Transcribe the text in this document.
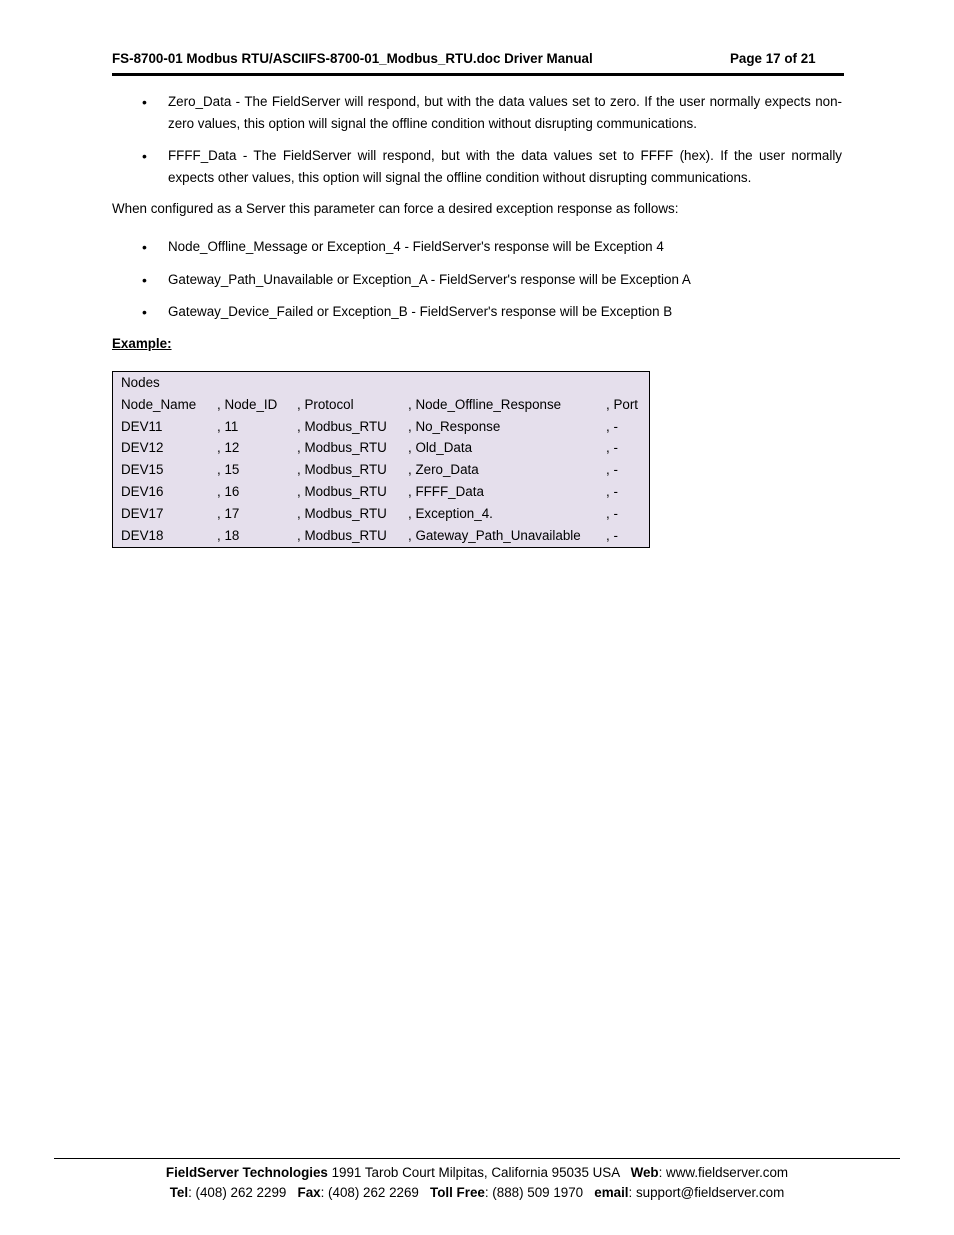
FS-8700-01 Modbus RTU/ASCIIFS-8700-01_Modbus_RTU.doc Driver Manual	Page 17 of 21
• Zero_Data - The FieldServer will respond, but with the data values set to zero. If the user normally expects non-zero values, this option will signal the offline condition without disrupting communications.
• FFFF_Data - The FieldServer will respond, but with the data values set to FFFF (hex). If the user normally expects other values, this option will signal the offline condition without disrupting communications.
When configured as a Server this parameter can force a desired exception response as follows:
• Node_Offline_Message or Exception_4 - FieldServer's response will be Exception 4
• Gateway_Path_Unavailable or Exception_A - FieldServer's response will be Exception A
• Gateway_Device_Failed or Exception_B - FieldServer's response will be Exception B
Example:
Nodes
Node_Name , Node_ID , Protocol	, Node_Offline_Response	, Port
DEV11	, 11	, Modbus_RTU , No_Response	, -
DEV12	, 12	, Modbus_RTU , Old_Data	, -
DEV15	, 15	, Modbus_RTU , Zero_Data	, -
DEV16	, 16	, Modbus_RTU , FFFF_Data	, -
DEV17	, 17	, Modbus_RTU , Exception_4.	, -
DEV18	, 18	, Modbus_RTU , Gateway_Path_Unavailable , -
FieldServer Technologies 1991 Tarob Court Milpitas, California 95035 USA   Web: www.fieldserver.com
Tel: (408) 262 2299   Fax: (408) 262 2269   Toll Free: (888) 509 1970   email: support@fieldserver.com
